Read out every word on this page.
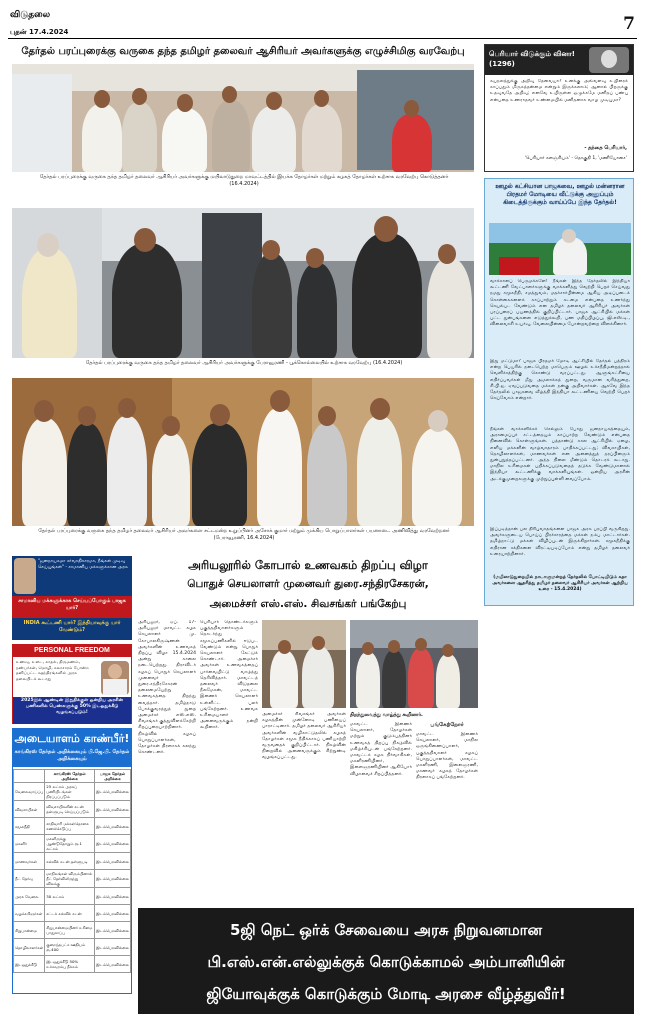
விடுதலை
புதன் 17.4.2024	7
தேர்தல் பரப்புரைக்கு வருகை தந்த தமிழர் தலைவர் ஆசிரியர் அவர்களுக்கு எழுச்சிமிகு வரவேற்பு
தேர்தல் பரப்புரைக்கு வருகை தந்த தமிழர் தலைவர் ஆசிரியர் அவர்களுக்கு மயிலாடுதுறை மாவட்டத்தில் இயக்க தோழர்கள் மற்றும் கழகத் தோழர்கள் உற்சாக வரவேற்பு கொடுத்தனர் (16.4.2024)
தேர்தல் பரப்புரைக்கு வருகை தந்த தமிழர் தலைவர் ஆசிரியர் அவர்களுக்கு பேராவூரணி - பூக்கொல்லையில் உற்சாக வரவேற்பு (16.4.2024)
தேர்தல் பரப்புரைக்கு வருகை தந்த தமிழர் தலைவர் ஆசிரியர் அவர்களை சட்டமன்ற உறுப்பினர் அசோக் குமார் மற்றும் முக்கிய பொறுப்பாளர்கள் பயனாடை அணிவித்து வரவேற்றனர் (பேராவூரணி, 16.4.2024)
பெரியார் விடுக்கும் வினா! (1296)
சுயநலத்துக்கு அறிவு தேவையா? உனக்கு அவ்வளவு உயிரைக் காப்பதும் மிருகத்தன்மை என்றும் இருக்கலாம்; ஆனால் பிறருக்கு உதவுவதே அறிவு; எனவே உயிருள்ள ஒழுக்கமே மனிதப் பண்பு என்பதை உணராதவர் உண்மையில் மனிதனாக வாழ முடியுமா?
- தந்தை பெரியார்,
'பெரியார் களஞ்சியம்' - தொகுதி 1, 'மணியோசை'
ஊழல் கட்சியான பாஜகவை, ஊழல் மன்னரான பிரதமர் மோடியை வீட்டுக்கு அனுப்பும் கிடைத்திருக்கும் வாய்ப்பே இந்த தேர்தல்!
வாக்காளப் பெருமக்களே! நீங்கள் இந்த தேர்தலில் இந்தியா கூட்டணி வேட்பாளர்களுக்கு வாக்களித்து வெற்றி பெறச் செய்வது நமது சமூகநீதி, சமத்துவம், மதச்சார்பின்மை ஆகிய அடிப்படைக் கொள்கைகளைக் காப்பாற்றும் கடமை என்பதை உணர்ந்து செயல்பட வேண்டும் என தமிழர் தலைவர் ஆசிரியர் அவர்கள் பரப்புரைப் பயணத்தில் குறிப்பிட்டார். பாஜக ஆட்சியில் மக்கள் பட்ட துன்பங்களை எடுத்துக்கூறி, பண மதிப்பிழப்பு, ஜி.எஸ்.டி., விலைவாசி உயர்வு, வேலையின்மை போன்றவற்றை விளக்கினார்.
இது மட்டுமா? பாஜக பிரதமர் மோடி ஆட்சியில் தேர்தல் பத்திரம் என்ற பெயரில் நடைபெற்ற மாபெரும் ஊழல் உச்சநீதிமன்றத்தால் வெளிச்சத்திற்கு கொண்டு வரப்பட்டது. ஆளுங்கட்சியை எதிர்ப்பவர்கள் மீது அமலாக்கத் துறை, வருமான வரித்துறை, சி.பி.ஐ. ஏவப்படுவதை மக்கள் நன்கு அறிவார்கள். ஆகவே இந்த தேர்தலில் பாஜகவை வீழ்த்தி இந்தியா கூட்டணியை வெற்றி பெறச் செய்வோம் என்றார்.
நீங்கள் வாக்களிக்கச் செல்லும் போது ஜனநாயகத்தையும், அரசமைப்புச் சட்டத்தையும் காப்பாற்ற வேண்டும் என்பதை நினைவில் கொள்ளுங்கள். பத்தாண்டு கால ஆட்சியில் ஏழை, எளிய மக்களின் வாழ்வாதாரம் பாதிக்கப்பட்டது; விவசாயிகள், தொழிலாளர்கள், மாணவர்கள் என அனைத்துத் தரப்பினரும் துன்புறுத்தப்பட்டனர். அந்த நிலை மீண்டும் தொடரக் கூடாது. மாநில உரிமைகள் பறிக்கப்படுவதைத் தடுக்க வேண்டுமானால் இந்தியா கூட்டணிக்கு வாக்களியுங்கள். ஒன்றிய அரசின் அடக்குமுறைகளுக்கு முற்றுப்புள்ளி வைப்போம்.
இப்படித்தான் பல திரிபுவாதங்களை பாஜக அரசு பரப்பி வருகிறது. அவர்களுடைய பொய்ப் பிரச்சாரத்தை மக்கள் நம்ப மாட்டார்கள். தமிழ்நாட்டு மக்கள் விழிப்புடன் இருக்கிறார்கள். சமூகநீதிக்கு எதிரான சக்திகளை விரட்டியடிப்போம் என்று தமிழர் தலைவர் உரையாற்றினார்.
(மயிலாடுதுறையில் நாடாளுமன்றத் தேர்தலில் போட்டியிடும் சுதா அவர்களை ஆதரித்து தமிழர் தலைவர் ஆசிரியர் அவர்கள் ஆற்றிய உரை - 15.4.2024)
"ஜனநாயகமா சர்வாதிகாரமா, நீங்கள் முடிவு செய்யுங்கள்" - சாமானிய மக்களுக்கான அரசு
சாமானிய மக்களுக்காக செய்யப்போகும் பாஜக யார்?
INDIA கூட்டணி யார்? இந்தியாவுக்கு யார் வேண்டும்?
PERSONAL FREEDOM
உணவு, உடை, காதல், திருமணம், நண்பர்கள், மொழி, கலாசாரம் போன்ற தனிப்பட்ட சுதந்திரங்களில் அரசு தலையிடக் கூடாது
2025இல் ஆண்டின் இறுதிக்குள் ஒன்றிய அரசின் பணிகளில் பெண்களுக்கு 50% இடஒதுக்கீடு வழங்கப்படும்!
அடையாளம் காண்பீர்!
காங்கிரஸ் தேர்தல் அறிக்கையும் பி.ஜே.பி. தேர்தல் அறிக்கையும்
	காங்கிரஸ் தேர்தல் அறிக்கை	பாஜக தேர்தல் அறிக்கை
வேலைவாய்ப்பு	25 லட்சம் அரசுப் பணியிடங்கள் நிரப்பப்படும்	இடம்பெறவில்லை
விவசாயிகள்	விவசாயிகளின் கடன் தள்ளுபடி செய்யப்படும்	இடம்பெறவில்லை
சமூகநீதி	சாதிவாரி மக்கள்தொகை கணக்கெடுப்பு	இடம்பெறவில்லை
மகளிர்	மகளிருக்கு ஆண்டுதோறும் ரூ.1 லட்சம்	இடம்பெறவில்லை
மாணவர்கள்	கல்விக் கடன் தள்ளுபடி	இடம்பெறவில்லை
நீட் தேர்வு	மாநிலங்கள் விரும்பினால் நீட் தேர்விலிருந்து விலக்கு	இடம்பெறவில்லை
அரசு வேலை	30 லட்சம்	இடம்பெறவில்லை
வழக்கறிஞர்கள்	சட்டக் கல்விக் கடன்	இடம்பெறவில்லை
சிறுபான்மை	சிறுபான்மையினர் உரிமை பாதுகாப்பு	இடம்பெறவில்லை
தொழிலாளர்கள்	குறைந்தபட்ச ஊதியம் ரூ.400	இடம்பெறவில்லை
இடஒதுக்கீடு	இடஒதுக்கீடு 50% உச்சவரம்பு நீக்கம்	இடம்பெறவில்லை
அரியலூரில் கோபால் உணவகம் திறப்பு விழா
பொதுச் செயலாளர் முனைவர் துரை.சந்திரசேகரன்,
அமைச்சர் எஸ்.எஸ். சிவசங்கர் பங்கேற்பு
அரியலூர், ஏப். 17- அரியலூர் மாவட்ட கழக செயலாளர் மு. கோபாலகிருஷ்ணன் அவர்களின் உணவகத் திறப்பு விழா 15.4.2024 அன்று காலை நடைபெற்றது. திராவிடர் கழகப் பொதுச் செயலாளர் முனைவர் துரை.சந்திரசேகரன் தலைமையேற்று உணவகத்தை திறந்து வைத்தார். தமிழ்நாடு போக்குவரத்துத் துறை அமைச்சர் எஸ்.எஸ். சிவசங்கர் குத்துவிளக்கேற்றி சிறப்புரையாற்றினார். நிகழ்வில் கழகப் பொறுப்பாளர்கள், தோழர்கள் திரளாகக் கலந்து கொண்டனர்.
பெரியார் தொண்டர்களும் பகுத்தறிவாளர்களும் தொடர்ந்து சமூகப்பணிகளில் ஈடுபட வேண்டும் என்று பொதுச் செயலாளர் கேட்டுக் கொண்டார். அமைச்சர் அவர்கள் உணவகத்தைப் பார்வையிட்டு வாழ்த்து தெரிவித்தார். மாவட்டத் தலைவர் விடுதலை நீலமேகன், மாவட்ட இணைச் செயலாளர் உள்ளிட்ட பலர் பங்கேற்றனர். உணவக உரிமையாளர் அனைவருக்கும் நன்றி கூறினார்.
அமைச்சர் சிவசங்கர் அவர்கள் கழகத்தின் முன்னோடி பணியைப் பாராட்டினார். தமிழர் தலைவர் ஆசிரியர் அவர்களின் வழிகாட்டுதலில் கழகத் தோழர்கள் சமூக நீதிக்காகப் பணியாற்றி வருவதைக் குறிப்பிட்டார். நிகழ்வின் நிறைவில் அனைவருக்கும் சிற்றுண்டி வழங்கப்பட்டது.
திறந்துவைத்து வாழ்த்து கூறினார்.
மாவட்ட இணைச் செயலாளர், தோழர்கள் மற்றும் குடும்பத்தினர் உணவகத் திறப்பு நிகழ்வில் மகிழ்ச்சியுடன் பங்கேற்றனர். மாவட்டக் கழக நிர்வாகிகள், மகளிரணியினர், இளைஞரணியினர் ஆகியோர் விழாவைச் சிறப்பித்தனர்.
பங்கேற்றோர்
மாவட்ட இணைச் செயலாளர், மாநில ஒருங்கிணைப்பாளர், பகுத்தறிவாளர் கழகப் பொறுப்பாளர்கள், மாவட்ட மகளிரணி, இளைஞரணி, மாணவர் கழகத் தோழர்கள் திரளாகப் பங்கேற்றனர்.
5ஜி நெட் ஒர்க் சேவையை அரசு நிறுவனமான
பி.எஸ்.என்.எல்லுக்குக் கொடுக்காமல் அம்பானியின்
ஜியோவுக்குக் கொடுக்கும் மோடி அரசை வீழ்த்துவீர்!
